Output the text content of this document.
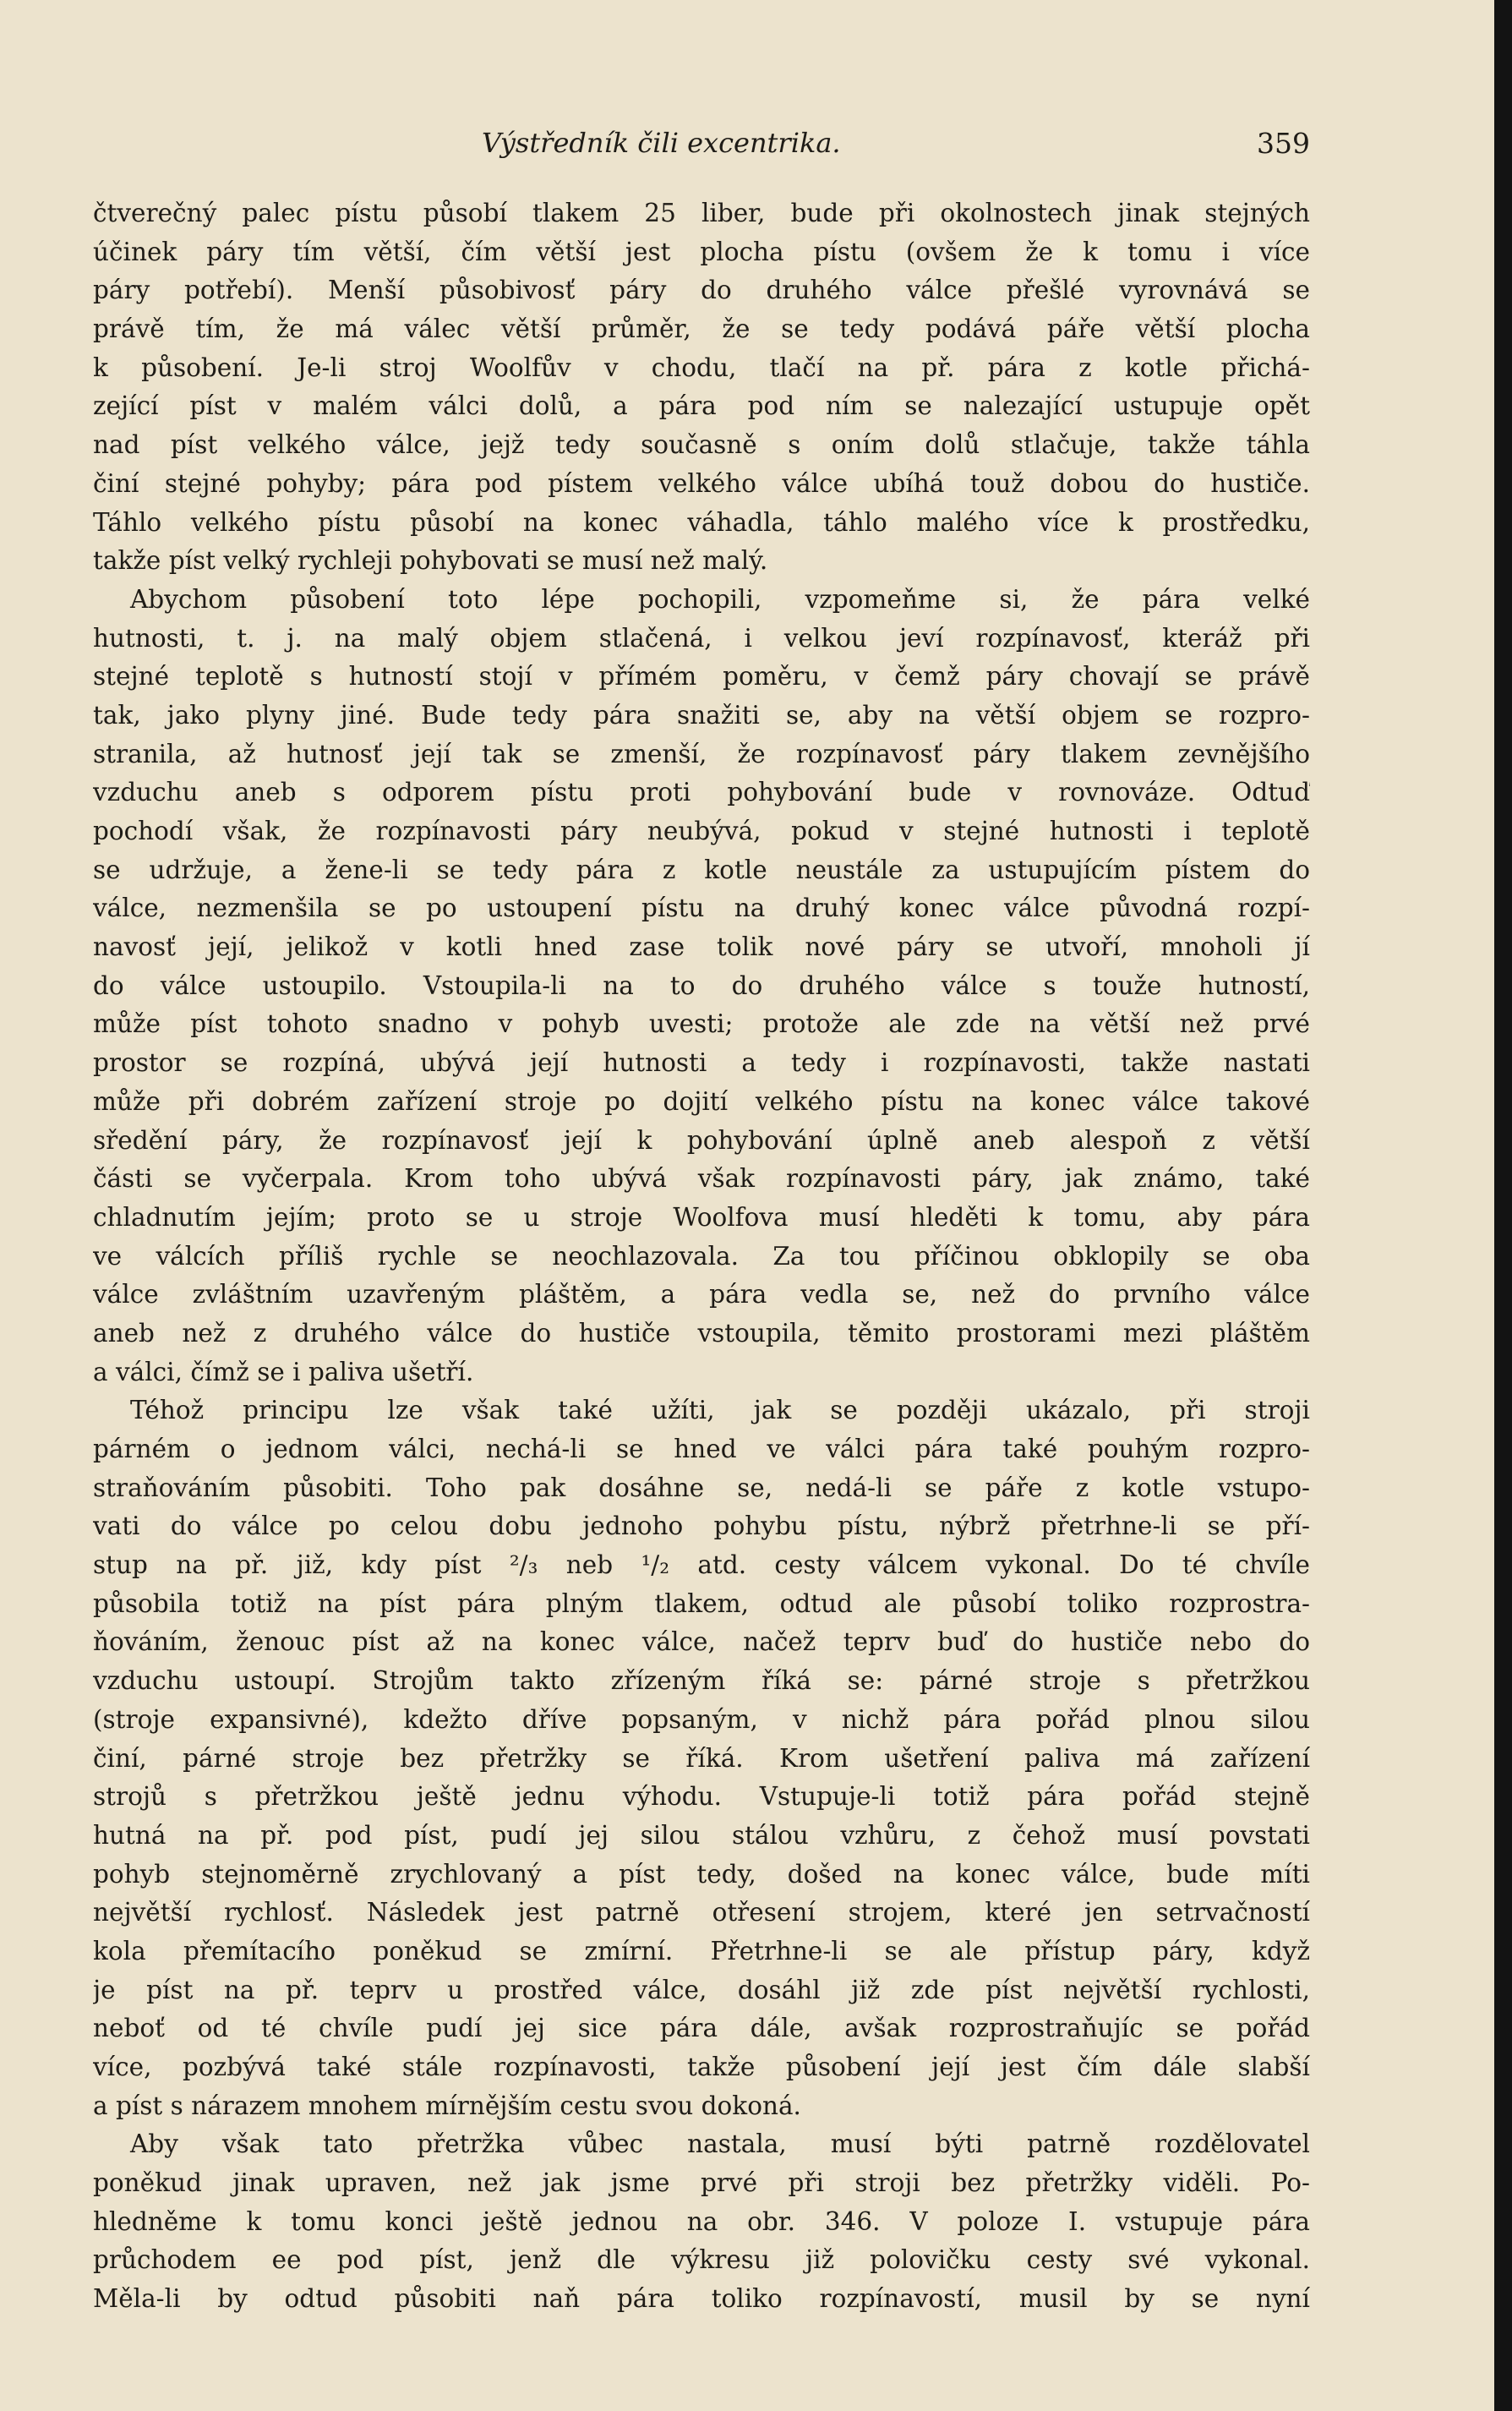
Výstředník čili excentrika.	359
čtverečný palec pístu působí tlakem 25 liber, bude při okolnostech jinak stejných
účinek páry tím větší, čím větší jest plocha pístu (ovšem že k tomu i více
páry potřebí). Menší působivosť páry do druhého válce přešlé vyrovnává se
právě tím, že má válec větší průměr, že se tedy podává páře větší plocha
k působení. Je-li stroj Woolfův v chodu, tlačí na př. pára z kotle přichá-
zející píst v malém válci dolů, a pára pod ním se nalezající ustupuje opět
nad píst velkého válce, jejž tedy současně s oním dolů stlačuje, takže táhla
činí stejné pohyby; pára pod pístem velkého válce ubíhá touž dobou do hustiče.
Táhlo velkého pístu působí na konec váhadla, táhlo malého více k prostředku,
takže píst velký rychleji pohybovati se musí než malý.
Abychom působení toto lépe pochopili, vzpomeňme si, že pára velké
hutnosti, t. j. na malý objem stlačená, i velkou jeví rozpínavosť, kteráž při
stejné teplotě s hutností stojí v přímém poměru, v čemž páry chovají se právě
tak, jako plyny jiné. Bude tedy pára snažiti se, aby na větší objem se rozpro-
stranila, až hutnosť její tak se zmenší, že rozpínavosť páry tlakem zevnějšího
vzduchu aneb s odporem pístu proti pohybování bude v rovnováze. Odtuď
pochodí však, že rozpínavosti páry neubývá, pokud v stejné hutnosti i teplotě
se udržuje, a žene-li se tedy pára z kotle neustále za ustupujícím pístem do
válce, nezmenšila se po ustoupení pístu na druhý konec válce původná rozpí-
navosť její, jelikož v kotli hned zase tolik nové páry se utvoří, mnoholi jí
do válce ustoupilo. Vstoupila-li na to do druhého válce s touže hutností,
může píst tohoto snadno v pohyb uvesti; protože ale zde na větší než prvé
prostor se rozpíná, ubývá její hutnosti a tedy i rozpínavosti, takže nastati
může při dobrém zařízení stroje po dojití velkého pístu na konec válce takové
sředění páry, že rozpínavosť její k pohybování úplně aneb alespoň z větší
části se vyčerpala. Krom toho ubývá však rozpínavosti páry, jak známo, také
chladnutím jejím; proto se u stroje Woolfova musí hleděti k tomu, aby pára
ve válcích příliš rychle se neochlazovala. Za tou příčinou obklopily se oba
válce zvláštním uzavřeným pláštěm, a pára vedla se, než do prvního válce
aneb než z druhého válce do hustiče vstoupila, těmito prostorami mezi pláštěm
a válci, čímž se i paliva ušetří.
Téhož principu lze však také užíti, jak se později ukázalo, při stroji
párném o jednom válci, nechá-li se hned ve válci pára také pouhým rozpro-
straňováním působiti. Toho pak dosáhne se, nedá-li se páře z kotle vstupo-
vati do válce po celou dobu jednoho pohybu pístu, nýbrž přetrhne-li se pří-
stup na př. již, kdy píst ²/₃ neb ¹/₂ atd. cesty válcem vykonal. Do té chvíle
působila totiž na píst pára plným tlakem, odtud ale působí toliko rozprostra-
ňováním, ženouc píst až na konec válce, načež teprv buď do hustiče nebo do
vzduchu ustoupí. Strojům takto zřízeným říká se: párné stroje s přetržkou
(stroje expansivné), kdežto dříve popsaným, v nichž pára pořád plnou silou
činí, párné stroje bez přetržky se říká. Krom ušetření paliva má zařízení
strojů s přetržkou ještě jednu výhodu. Vstupuje-li totiž pára pořád stejně
hutná na př. pod píst, pudí jej silou stálou vzhůru, z čehož musí povstati
pohyb stejnoměrně zrychlovaný a píst tedy, došed na konec válce, bude míti
největší rychlosť. Následek jest patrně otřesení strojem, které jen setrvačností
kola přemítacího poněkud se zmírní. Přetrhne-li se ale přístup páry, když
je píst na př. teprv u prostřed válce, dosáhl již zde píst největší rychlosti,
neboť od té chvíle pudí jej sice pára dále, avšak rozprostraňujíc se pořád
více, pozbývá také stále rozpínavosti, takže působení její jest čím dále slabší
a píst s nárazem mnohem mírnějším cestu svou dokoná.
Aby však tato přetržka vůbec nastala, musí býti patrně rozdělovatel
poněkud jinak upraven, než jak jsme prvé při stroji bez přetržky viděli. Po-
hledněme k tomu konci ještě jednou na obr. 346. V poloze I. vstupuje pára
průchodem ee pod píst, jenž dle výkresu již polovičku cesty své vykonal.
Měla-li by odtud působiti naň pára toliko rozpínavostí, musil by se nyní
